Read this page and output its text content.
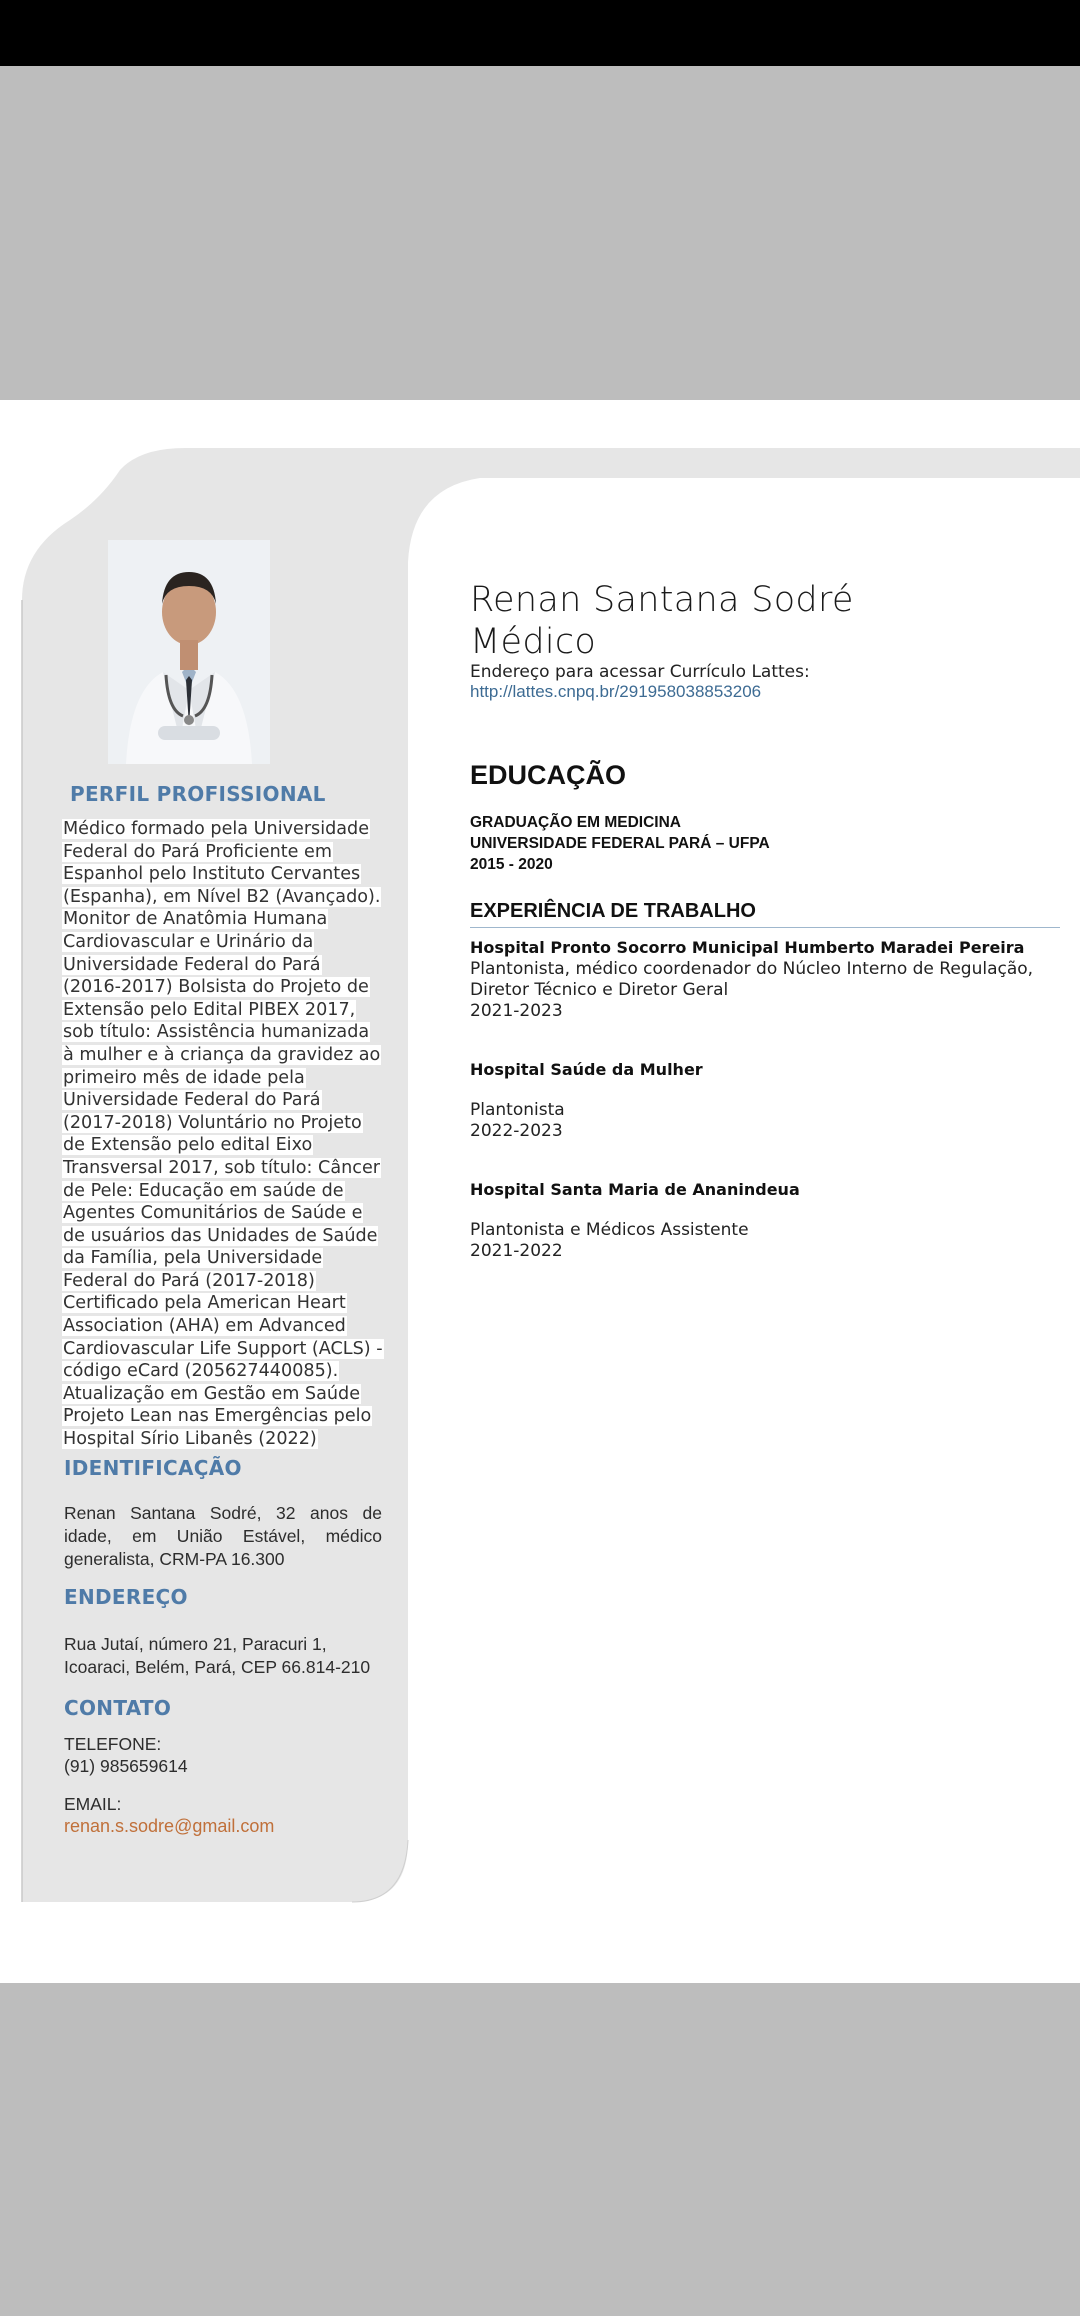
PERFIL PROFISSIONAL
Médico formado pela Universidade Federal do Pará Proficiente em Espanhol pelo Instituto Cervantes (Espanha), em Nível B2 (Avançado). Monitor de Anatômia Humana Cardiovascular e Urinário da Universidade Federal do Pará (2016-2017) Bolsista do Projeto de Extensão pelo Edital PIBEX 2017, sob título: Assistência humanizada à mulher e à criança da gravidez ao primeiro mês de idade pela Universidade Federal do Pará (2017-2018) Voluntário no Projeto de Extensão pelo edital Eixo Transversal 2017, sob título: Câncer de Pele: Educação em saúde de Agentes Comunitários de Saúde e de usuários das Unidades de Saúde da Família, pela Universidade Federal do Pará (2017-2018) Certificado pela American Heart Association (AHA) em Advanced Cardiovascular Life Support (ACLS) - código eCard (205627440085). Atualização em Gestão em Saúde Projeto Lean nas Emergências pelo Hospital Sírio Libanês (2022)
IDENTIFICAÇÃO
Renan Santana Sodré, 32 anos de idade, em União Estável, médico generalista, CRM-PA 16.300
ENDEREÇO
Rua Jutaí, número 21, Paracuri 1, Icoaraci, Belém, Pará, CEP 66.814-210
CONTATO
TELEFONE:
(91) 985659614
EMAIL:
renan.s.sodre@gmail.com
Renan Santana Sodré
Médico
Endereço para acessar Currículo Lattes:
http://lattes.cnpq.br/291958038853206
EDUCAÇÃO
GRADUAÇÃO EM MEDICINA
UNIVERSIDADE FEDERAL PARÁ – UFPA
2015 - 2020
EXPERIÊNCIA DE TRABALHO
Hospital Pronto Socorro Municipal Humberto Maradei Pereira
Plantonista, médico coordenador do Núcleo Interno de Regulação,
Diretor Técnico e Diretor Geral
2021-2023
Hospital Saúde da Mulher
Plantonista
2022-2023
Hospital Santa Maria de Ananindeua
Plantonista e Médicos Assistente
2021-2022
